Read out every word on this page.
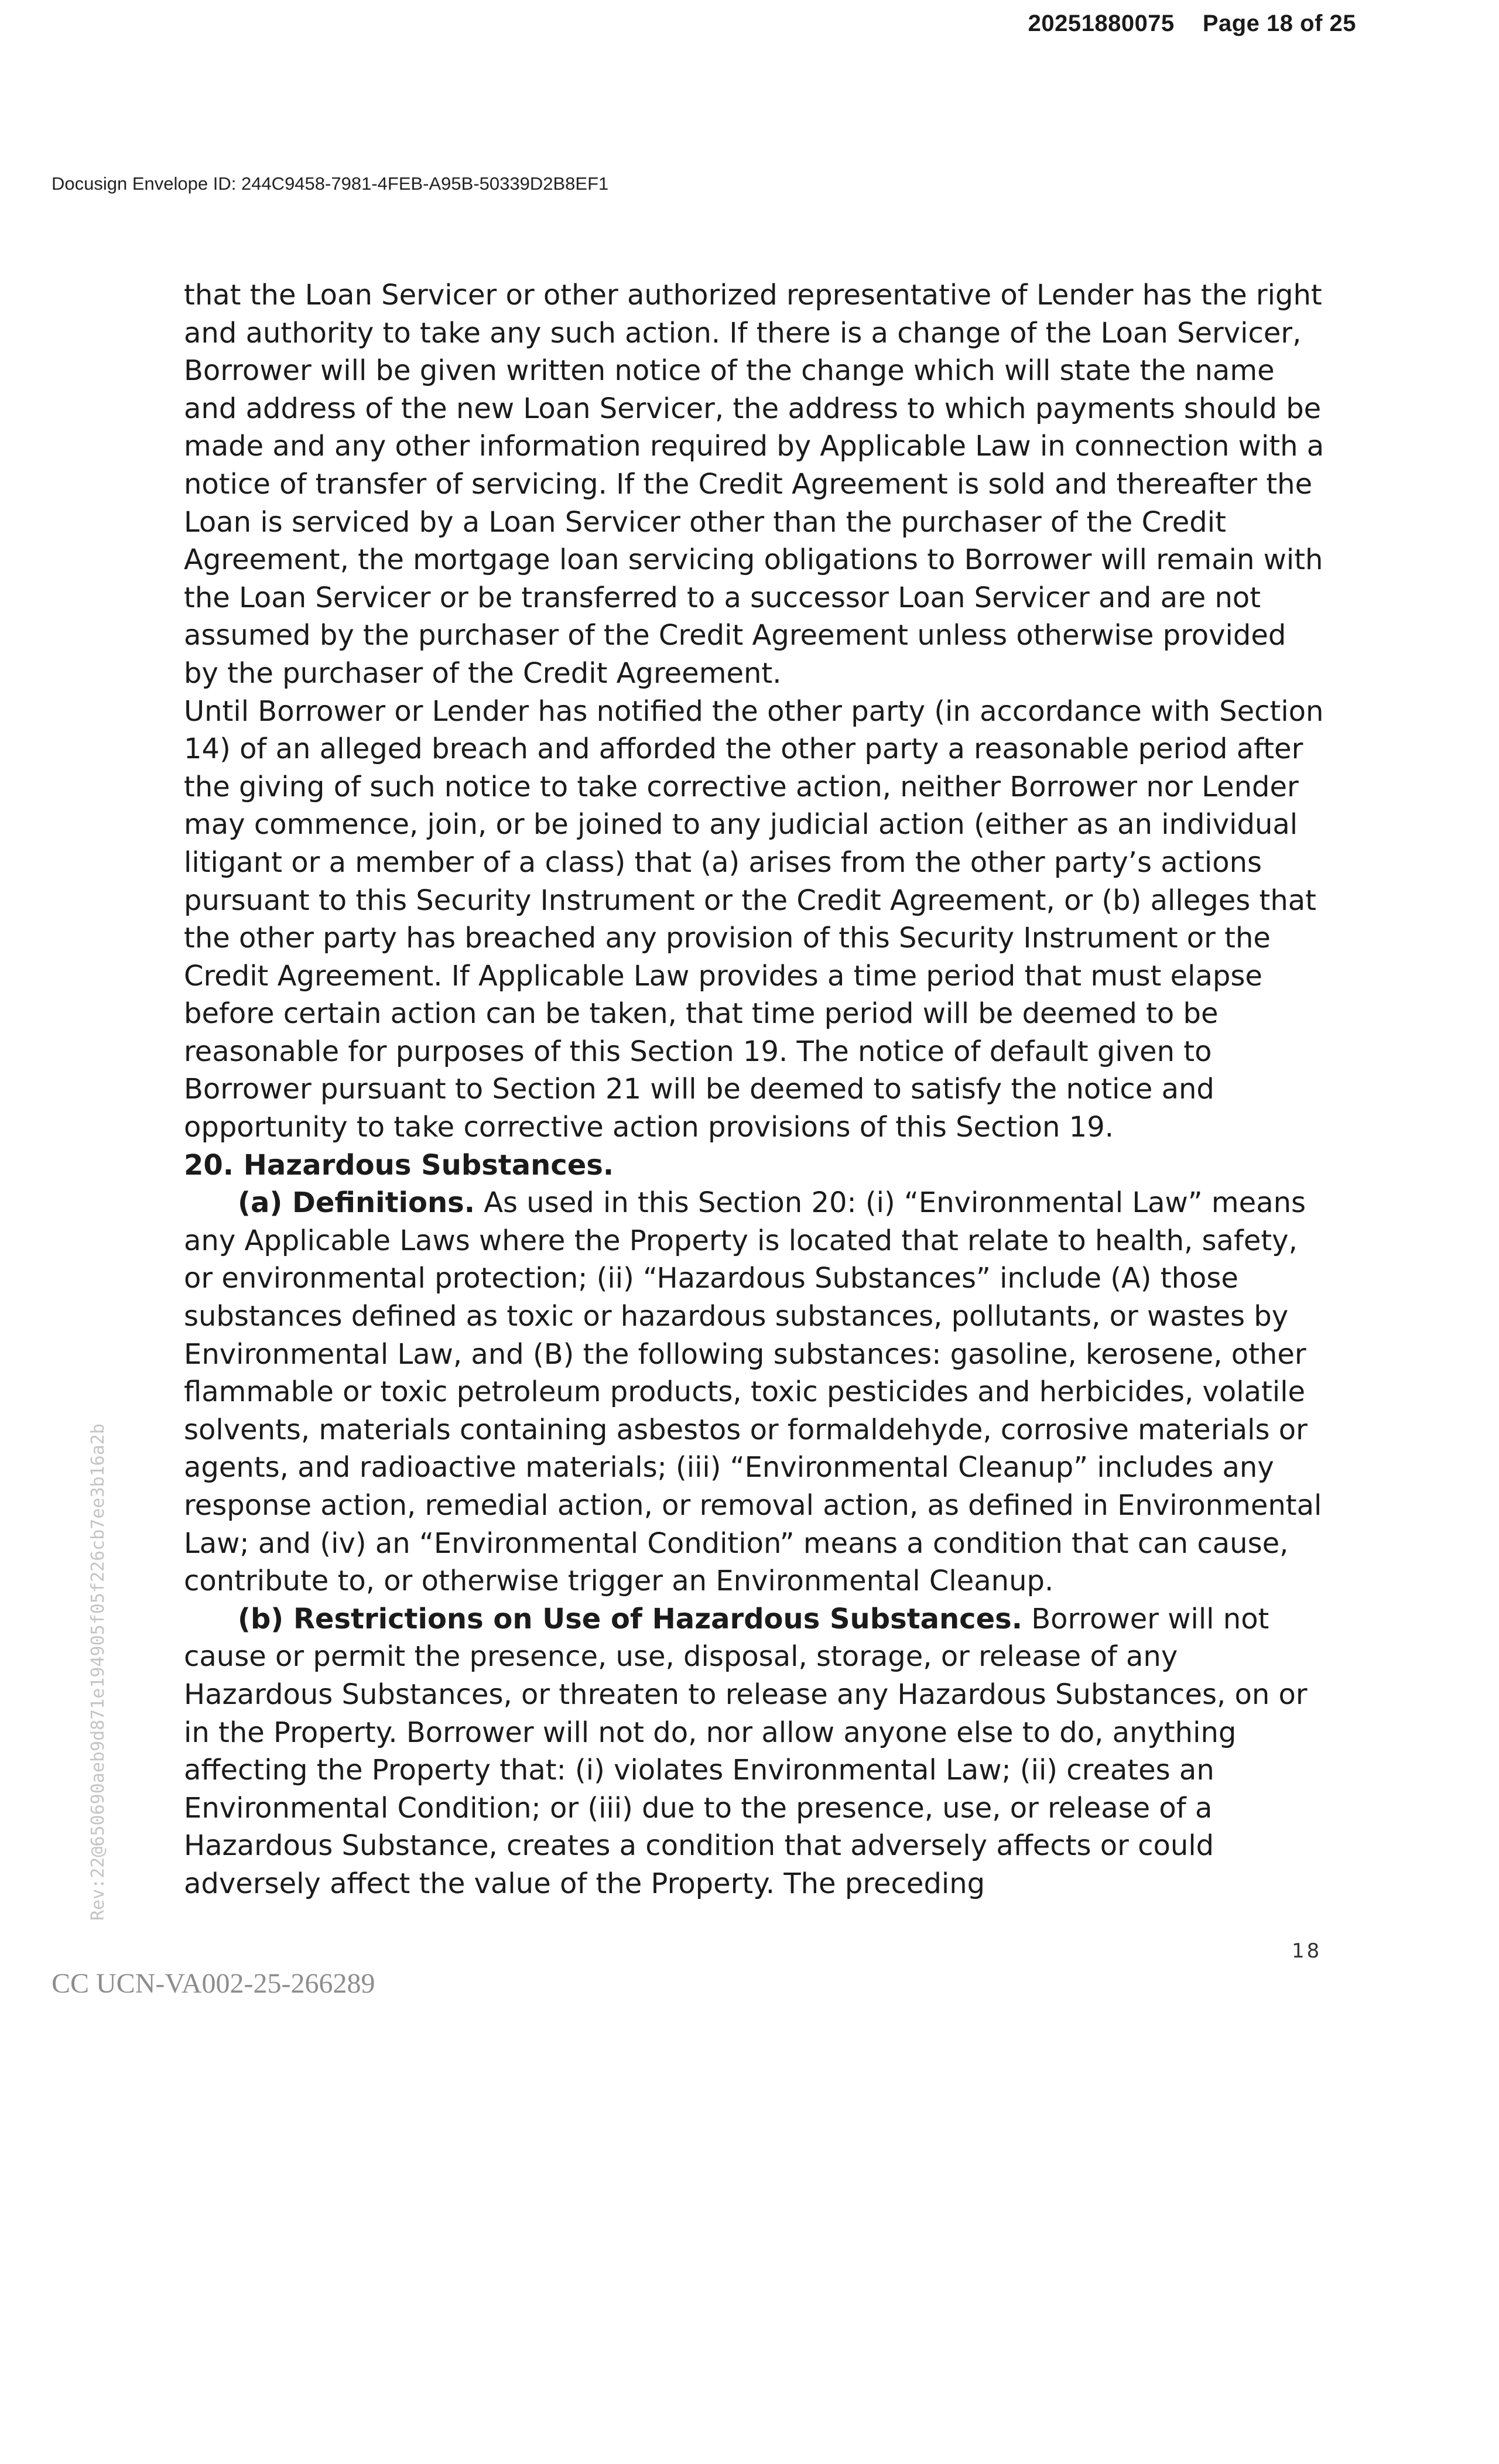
20251880075 Page 18 of 25
Docusign Envelope ID: 244C9458-7981-4FEB-A95B-50339D2B8EF1

that the Loan Servicer or other authorized representative of Lender has the right and authority to take any such action. If there is a change of the Loan Servicer, Borrower will be given written notice of the change which will state the name and address of the new Loan Servicer, the address to which payments should be made and any other information required by Applicable Law in connection with a notice of transfer of servicing. If the Credit Agreement is sold and thereafter the Loan is serviced by a Loan Servicer other than the purchaser of the Credit Agreement, the mortgage loan servicing obligations to Borrower will remain with the Loan Servicer or be transferred to a successor Loan Servicer and are not assumed by the purchaser of the Credit Agreement unless otherwise provided by the purchaser of the Credit Agreement.

Until Borrower or Lender has notified the other party (in accordance with Section 14) of an alleged breach and afforded the other party a reasonable period after the giving of such notice to take corrective action, neither Borrower nor Lender may commence, join, or be joined to any judicial action (either as an individual litigant or a member of a class) that (a) arises from the other party’s actions pursuant to this Security Instrument or the Credit Agreement, or (b) alleges that the other party has breached any provision of this Security Instrument or the Credit Agreement. If Applicable Law provides a time period that must elapse before certain action can be taken, that time period will be deemed to be reasonable for purposes of this Section 19. The notice of default given to Borrower pursuant to Section 21 will be deemed to satisfy the notice and opportunity to take corrective action provisions of this Section 19.

20. Hazardous Substances.

(a) Definitions. As used in this Section 20: (i) “Environmental Law” means any Applicable Laws where the Property is located that relate to health, safety, or environmental protection; (ii) “Hazardous Substances” include (A) those substances defined as toxic or hazardous substances, pollutants, or wastes by Environmental Law, and (B) the following substances: gasoline, kerosene, other flammable or toxic petroleum products, toxic pesticides and herbicides, volatile solvents, materials containing asbestos or formaldehyde, corrosive materials or agents, and radioactive materials; (iii) “Environmental Cleanup” includes any response action, remedial action, or removal action, as defined in Environmental Law; and (iv) an “Environmental Condition” means a condition that can cause, contribute to, or otherwise trigger an Environmental Cleanup.

(b) Restrictions on Use of Hazardous Substances. Borrower will not cause or permit the presence, use, disposal, storage, or release of any Hazardous Substances, or threaten to release any Hazardous Substances, on or in the Property. Borrower will not do, nor allow anyone else to do, anything affecting the Property that: (i) violates Environmental Law; (ii) creates an Environmental Condition; or (iii) due to the presence, use, or release of a Hazardous Substance, creates a condition that adversely affects or could adversely affect the value of the Property. The preceding

Rev:22@650690aeb9d871e194905f05f226cb7ee3b16a2b
18
CC UCN-VA002-25-266289
